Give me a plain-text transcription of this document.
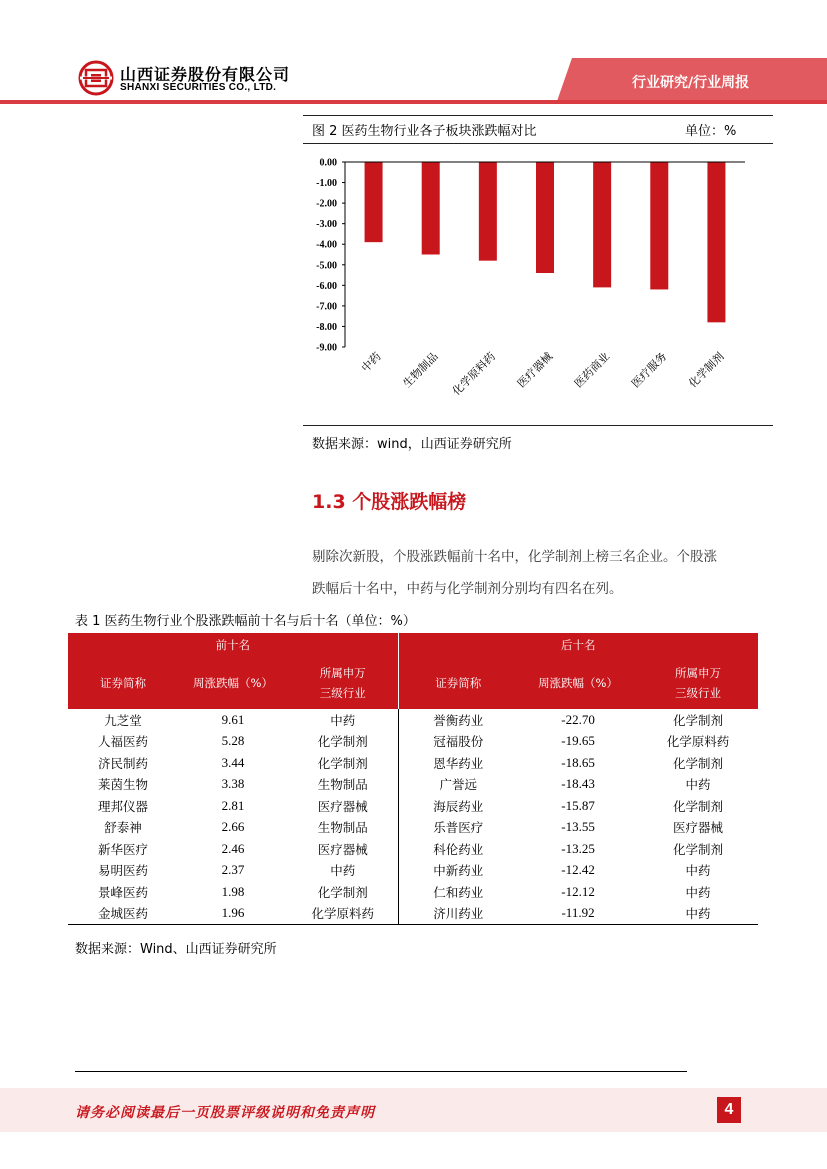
山西证券股份有限公司
SHANXI SECURITIES CO., LTD.	行业研究/行业周报
图 2 医药生物行业各子板块涨跌幅对比	单位：%
0.00
-1.00
-2.00
-3.00
-4.00
-5.00
-6.00
-7.00
-8.00
-9.00
中药 生物制品 化学原料药 医疗器械 医药商业 医疗服务 化学制剂
数据来源：wind，山西证券研究所
1.3 个股涨跌幅榜
剔除次新股，个股涨跌幅前十名中，化学制剂上榜三名企业。个股涨
跌幅后十名中，中药与化学制剂分别均有四名在列。
表 1 医药生物行业个股涨跌幅前十名与后十名（单位：%）
前十名			后十名		
证券简称	周涨跌幅（%）	所属申万
三级行业	证券简称	周涨跌幅（%）	所属申万
三级行业
九芝堂	9.61	中药	誉衡药业	-22.70	化学制剂
人福医药	5.28	化学制剂	冠福股份	-19.65	化学原料药
济民制药	3.44	化学制剂	恩华药业	-18.65	化学制剂
莱茵生物	3.38	生物制品	广誉远	-18.43	中药
理邦仪器	2.81	医疗器械	海辰药业	-15.87	化学制剂
舒泰神	2.66	生物制品	乐普医疗	-13.55	医疗器械
新华医疗	2.46	医疗器械	科伦药业	-13.25	化学制剂
易明医药	2.37	中药	中新药业	-12.42	中药
景峰医药	1.98	化学制剂	仁和药业	-12.12	中药
金城医药	1.96	化学原料药	济川药业	-11.92	中药
数据来源：Wind、山西证券研究所
请务必阅读最后一页股票评级说明和免责声明	4
